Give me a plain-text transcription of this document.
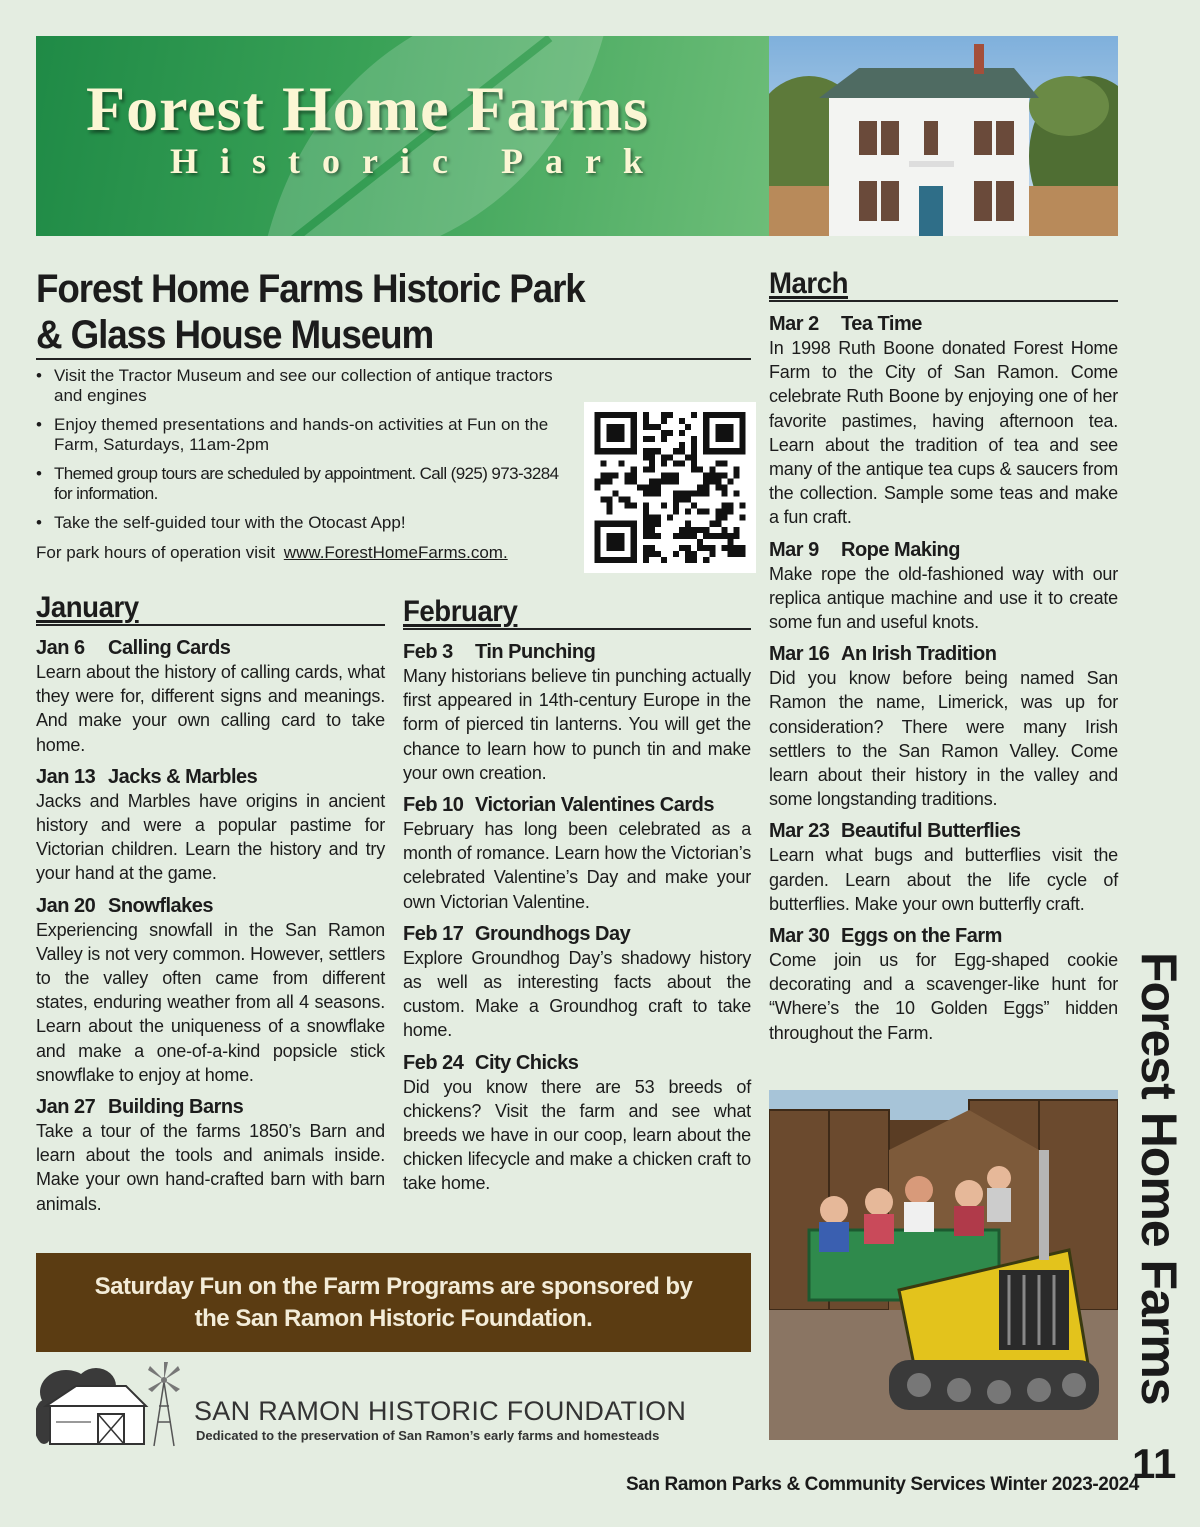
Forest Home Farms
Historic Park
Forest Home Farms Historic Park
& Glass House Museum
• Visit the Tractor Museum and see our collection of antique tractors and engines
• Enjoy themed presentations and hands-on activities at Fun on the Farm, Saturdays, 11am-2pm
• Themed group tours are scheduled by appointment. Call (925) 973-3284 for information.
• Take the self-guided tour with the Otocast App!
For park hours of operation visit www.ForestHomeFarms.com.
January
Jan 6 Calling Cards
Learn about the history of calling cards, what they were for, different signs and meanings. And make your own calling card to take home.
Jan 13 Jacks & Marbles
Jacks and Marbles have origins in ancient history and were a popular pastime for Victorian children. Learn the history and try your hand at the game.
Jan 20 Snowflakes
Experiencing snowfall in the San Ramon Valley is not very common. However, settlers to the valley often came from different states, enduring weather from all 4 seasons. Learn about the uniqueness of a snowflake and make a one-of-a-kind popsicle stick snowflake to enjoy at home.
Jan 27 Building Barns
Take a tour of the farms 1850’s Barn and learn about the tools and animals inside. Make your own hand-crafted barn with barn animals.
February
Feb 3 Tin Punching
Many historians believe tin punching actually first appeared in 14th-century Europe in the form of pierced tin lanterns. You will get the chance to learn how to punch tin and make your own creation.
Feb 10 Victorian Valentines Cards
February has long been celebrated as a month of romance. Learn how the Victorian’s celebrated Valentine’s Day and make your own Victorian Valentine.
Feb 17 Groundhogs Day
Explore Groundhog Day’s shadowy history as well as interesting facts about the custom. Make a Groundhog craft to take home.
Feb 24 City Chicks
Did you know there are 53 breeds of chickens? Visit the farm and see what breeds we have in our coop, learn about the chicken lifecycle and make a chicken craft to take home.
March
Mar 2 Tea Time
In 1998 Ruth Boone donated Forest Home Farm to the City of San Ramon. Come celebrate Ruth Boone by enjoying one of her favorite pastimes, having afternoon tea. Learn about the tradition of tea and see many of the antique tea cups & saucers from the collection. Sample some teas and make a fun craft.
Mar 9 Rope Making
Make rope the old-fashioned way with our replica antique machine and use it to create some fun and useful knots.
Mar 16 An Irish Tradition
Did you know before being named San Ramon the name, Limerick, was up for consideration? There were many Irish settlers to the San Ramon Valley. Come learn about their history in the valley and some longstanding traditions.
Mar 23 Beautiful Butterflies
Learn what bugs and butterflies visit the garden. Learn about the life cycle of butterflies. Make your own butterfly craft.
Mar 30 Eggs on the Farm
Come join us for Egg-shaped cookie decorating and a scavenger-like hunt for “Where’s the 10 Golden Eggs” hidden throughout the Farm.
Saturday Fun on the Farm Programs are sponsored by
the San Ramon Historic Foundation.
SAN RAMON HISTORIC FOUNDATION
Dedicated to the preservation of San Ramon’s early farms and homesteads
Forest Home Farms
11
San Ramon Parks & Community Services Winter 2023-2024
